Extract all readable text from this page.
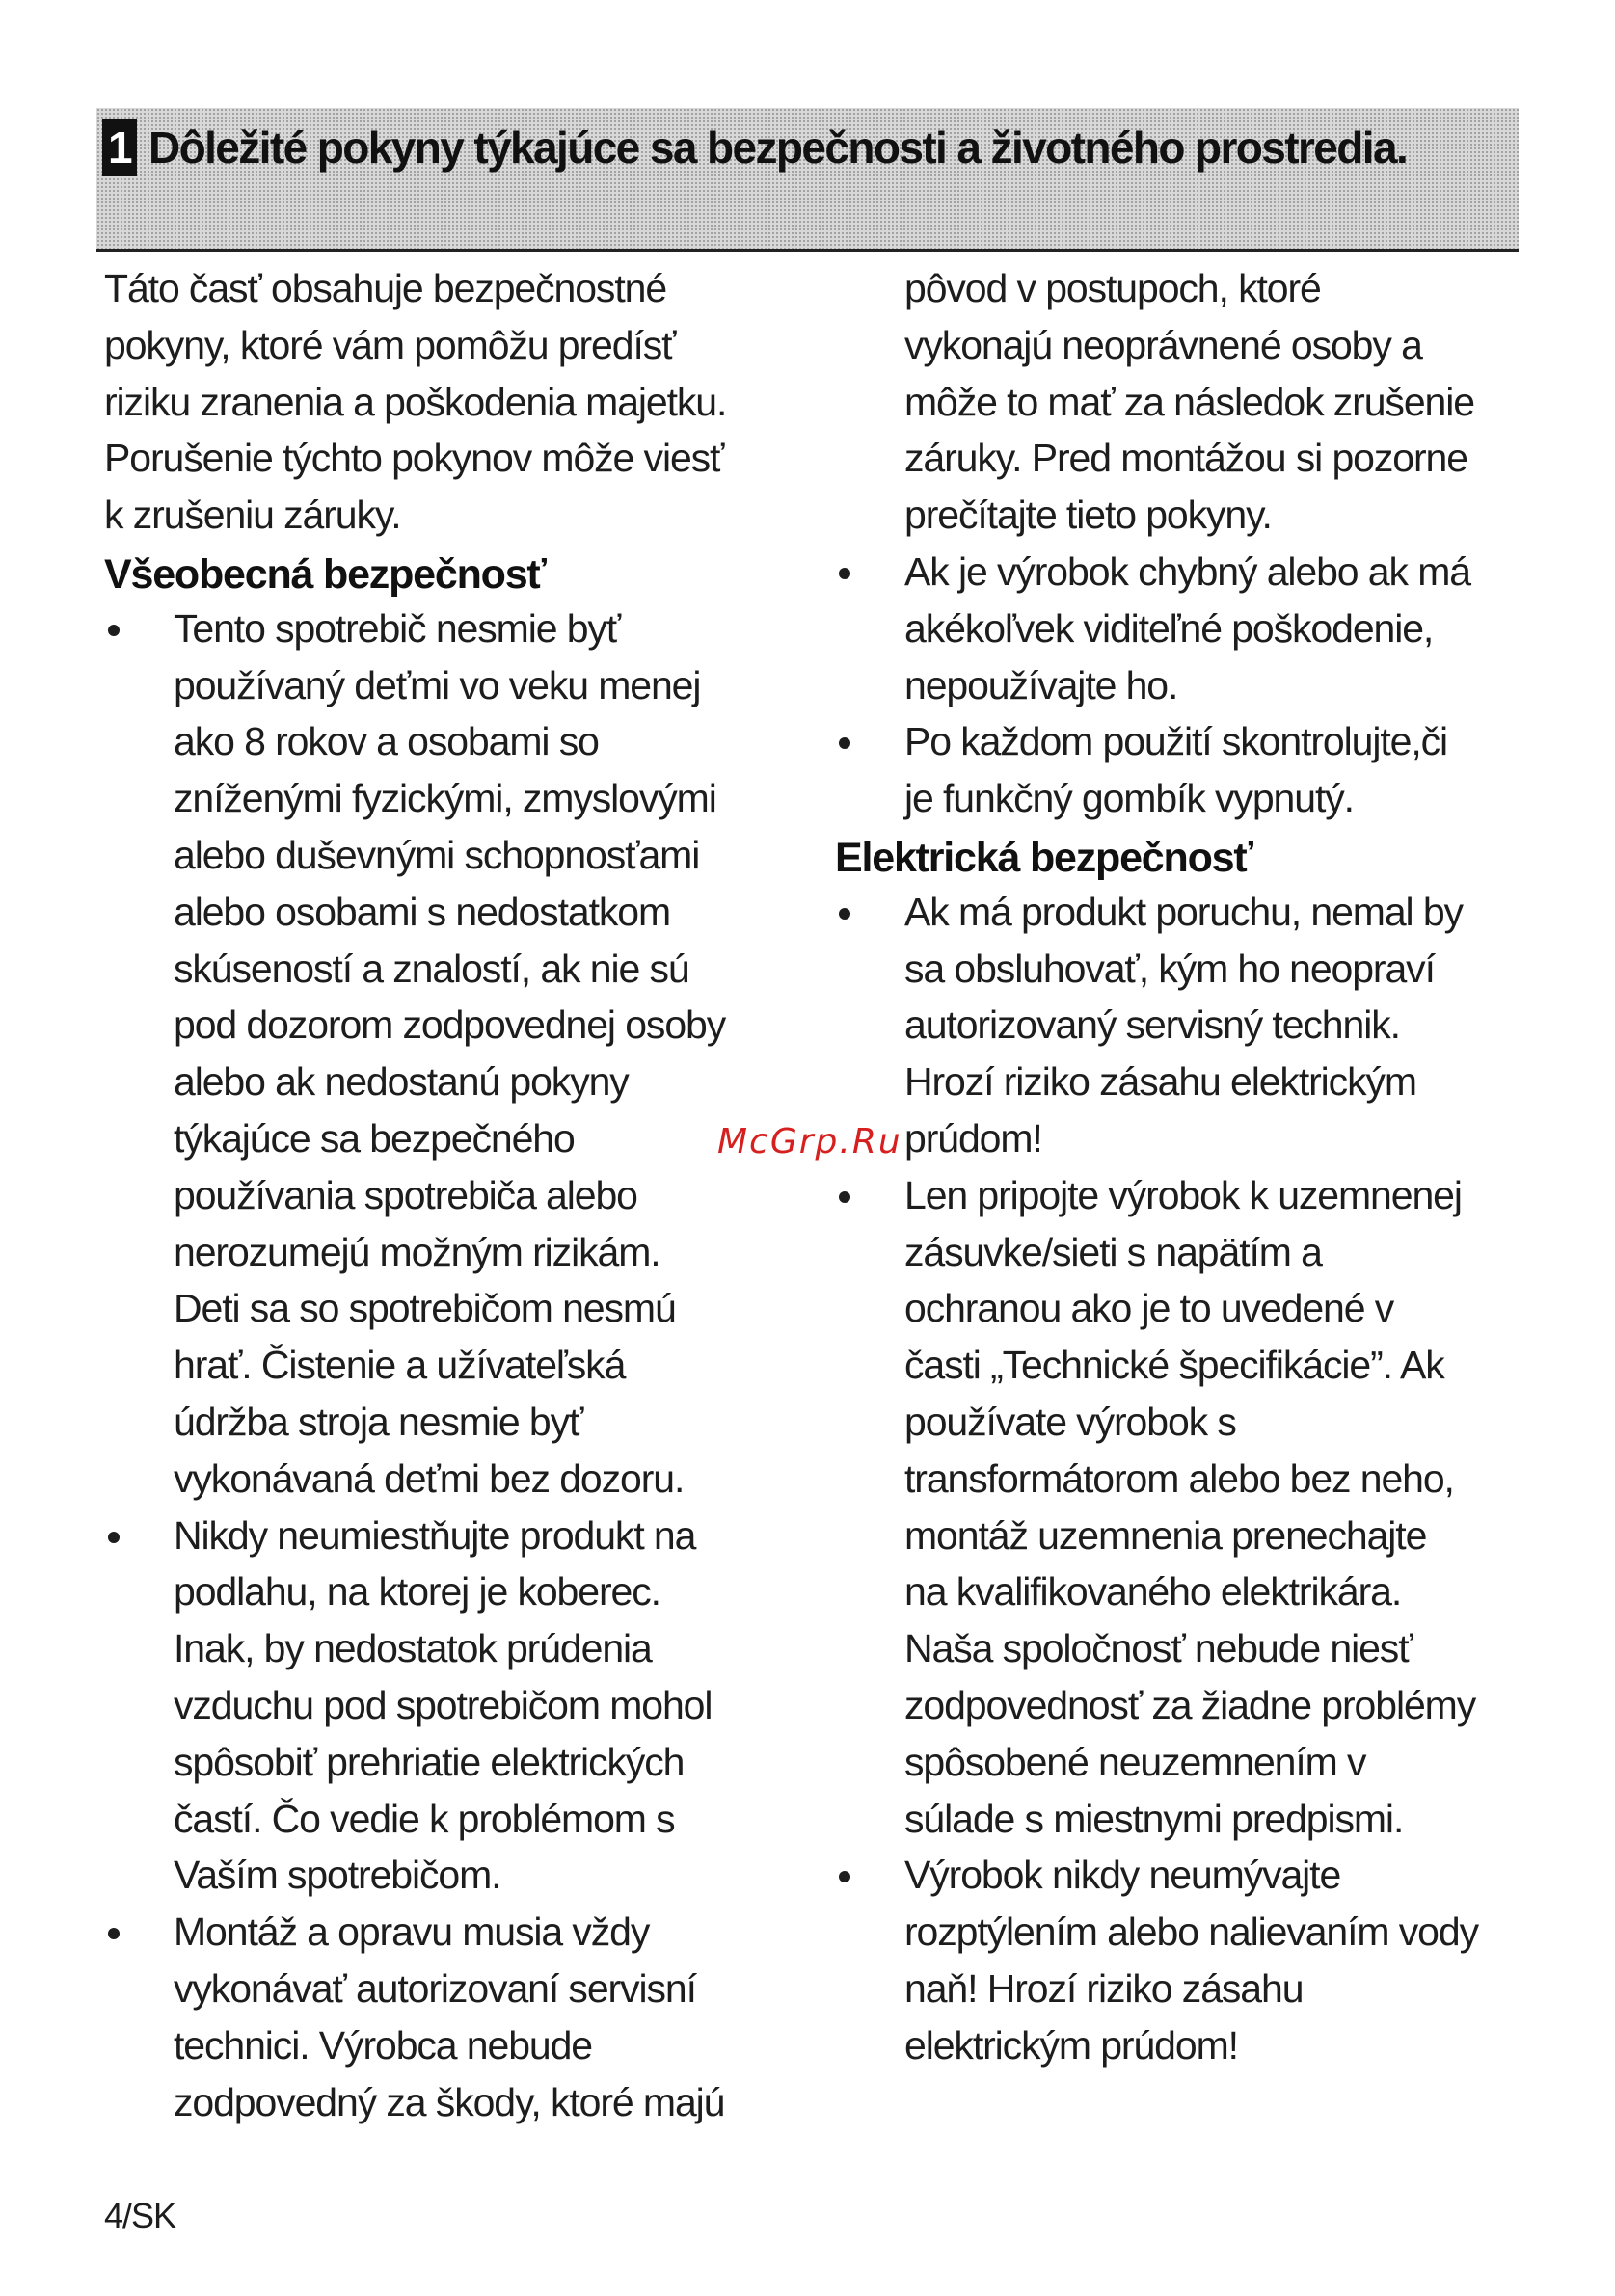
1 Dôležité pokyny týkajúce sa bezpečnosti a životného prostredia.
Táto časť obsahuje bezpečnostné
pokyny, ktoré vám pomôžu predísť
riziku zranenia a poškodenia majetku.
Porušenie týchto pokynov môže viesť
k zrušeniu záruky.
Všeobecná bezpečnosť
Tento spotrebič nesmie byť
používaný deťmi vo veku menej
ako 8 rokov a osobami so
zníženými fyzickými, zmyslovými
alebo duševnými schopnosťami
alebo osobami s nedostatkom
skúseností a znalostí, ak nie sú
pod dozorom zodpovednej osoby
alebo ak nedostanú pokyny
týkajúce sa bezpečného
používania spotrebiča alebo
nerozumejú možným rizikám.
Deti sa so spotrebičom nesmú
hrať. Čistenie a užívateľská
údržba stroja nesmie byť
vykonávaná deťmi bez dozoru.
Nikdy neumiestňujte produkt na
podlahu, na ktorej je koberec.
Inak, by nedostatok prúdenia
vzduchu pod spotrebičom mohol
spôsobiť prehriatie elektrických
častí. Čo vedie k problémom s
Vaším spotrebičom.
Montáž a opravu musia vždy
vykonávať autorizovaní servisní
technici. Výrobca nebude
zodpovedný za škody, ktoré majú
pôvod v postupoch, ktoré
vykonajú neoprávnené osoby a
môže to mať za následok zrušenie
záruky. Pred montážou si pozorne
prečítajte tieto pokyny.
Ak je výrobok chybný alebo ak má
akékoľvek viditeľné poškodenie,
nepoužívajte ho.
Po každom použití skontrolujte,či
je funkčný gombík vypnutý.
Elektrická bezpečnosť
Ak má produkt poruchu, nemal by
sa obsluhovať, kým ho neopraví
autorizovaný servisný technik.
Hrozí riziko zásahu elektrickým
prúdom!
Len pripojte výrobok k uzemnenej
zásuvke/sieti s napätím a
ochranou ako je to uvedené v
časti „Technické špecifikácie”. Ak
používate výrobok s
transformátorom alebo bez neho,
montáž uzemnenia prenechajte
na kvalifikovaného elektrikára.
Naša spoločnosť nebude niesť
zodpovednosť za žiadne problémy
spôsobené neuzemnením v
súlade s miestnymi predpismi.
Výrobok nikdy neumývajte
rozptýlením alebo nalievaním vody
naň! Hrozí riziko zásahu
elektrickým prúdom!
McGrp.Ru
4/SK
